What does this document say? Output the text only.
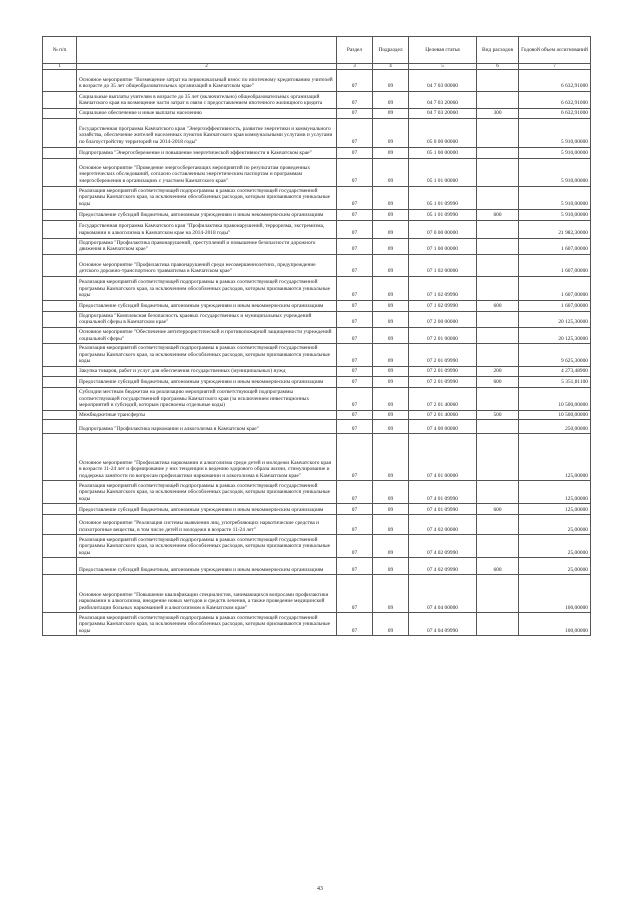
№ п/п		Раздел	Подраздел	Целевая статья	Вид расходов	Годовой объем ассигнований
1	2	3	4	5	6	7
	Основное мероприятие "Возмещение затрат на первоначальный взнос по ипотечному кредитованию учителей в возрасте до 35 лет общеобразовательных организаций в Камчатском крае"	07	09	04 7 03 00000		6 632,91000
	Социальные выплаты учителям в возрасте до 35 лет (включительно) общеобразовательных организаций Камчатского края на возмещение части затрат в связи с предоставлением ипотечного жилищного кредита	07	09	04 7 03 20060		6 632,91000
	Социальное обеспечение и иные выплаты населению	07	09	04 7 03 20060	300	6 632,91000
	Государственная программа Камчатского края "Энергоэффективность, развитие энергетики и коммунального хозяйства, обеспечение жителей населенных пунктов Камчатского края коммунальными услугами и услугами по благоустройству территорий на 2014-2018 годы"	07	09	05 0 00 00000		5 910,00000
	Подпрограмма "Энергосбережение и повышение энергетической эффективности в Камчатском крае"	07	09	05 1 00 00000		5 910,00000
	Основное мероприятие "Проведение энергосберегающих мероприятий по результатам проведенных энергетических обследований, согласно составленным энергетическим паспортам и программам энергосбережения в организациях с участием Камчатского края"	07	09	05 1 01 00000		5 910,00000
	Реализация мероприятий соответствующей подпрограммы в рамках соответствующей государственной программы Камчатского края, за исключением обособленных расходов, которым присваиваются уникальные коды	07	09	05 1 01 09990		5 910,00000
	Предоставление субсидий бюджетным, автономным учреждениям и иным некоммерческим организациям	07	09	05 1 01 09990	600	5 910,00000
	Государственная программа Камчатского края "Профилактика правонарушений, терроризма, экстремизма, наркомании и алкоголизма в Камчатском крае на 2014-2018 годы"	07	09	07 0 00 00000		21 982,30000
	Подпрограмма "Профилактика правонарушений, преступлений и повышение безопасности дорожного движения в Камчатском крае"	07	09	07 1 00 00000		1 607,00000
	Основное мероприятие "Профилактика правонарушений среди несовершеннолетних, предупреждение детского дорожно-транспортного травматизма в Камчатском крае"	07	09	07 1 02 00000		1 607,00000
	Реализация мероприятий соответствующей подпрограммы в рамках соответствующей государственной программы Камчатского края, за исключением обособленных расходов, которым присваиваются уникальные коды	07	09	07 1 02 09990		1 607,00000
	Предоставление субсидий бюджетным, автономным учреждениям и иным некоммерческим организациям	07	09	07 1 02 09990	600	1 607,00000
	Подпрограмма "Комплексная безопасность краевых государственных и муниципальных учреждений социальной сферы в Камчатском крае"	07	09	07 2 00 00000		20 125,30000
	Основное мероприятие "Обеспечение антитеррористической и противопожарной защищенности учреждений социальной сферы"	07	09	07 2 01 00000		20 125,30000
	Реализация мероприятий соответствующей подпрограммы в рамках соответствующей государственной программы Камчатского края, за исключением обособленных расходов, которым присваиваются уникальные коды	07	09	07 2 01 09990		9 625,30000
	Закупка товаров, работ и услуг для обеспечения государственных (муниципальных) нужд	07	09	07 2 01 09990	200	4 273,48900
	Предоставление субсидий бюджетным, автономным учреждениям и иным некоммерческим организациям	07	09	07 2 01 09990	600	5 351,81100
	Субсидии местным бюджетам на реализацию мероприятий соответствующей подпрограммы соответствующей государственной программы Камчатского края (за исключением инвестиционных мероприятий и субсидий, которым присвоены отдельные коды)	07	09	07 2 01 40060		10 500,00000
	Межбюджетные трансферты	07	09	07 2 01 40060	500	10 500,00000
	Подпрограмма "Профилактика наркомании и алкоголизма в Камчатском крае"	07	09	07 4 00 00000		250,00000
	Основное мероприятие "Профилактика наркомании и алкоголизма среди детей и молодежи Камчатского края в возрасте 11-24 лет и формирование у них тенденции к ведению здорового образа жизни, стимулирование и поддержка занятости по вопросам профилактики наркомании и алкоголизма в Камчатском крае"	07	09	07 4 01 00000		125,00000
	Реализация мероприятий соответствующей подпрограммы в рамках соответствующей государственной программы Камчатского края, за исключением обособленных расходов, которым присваиваются уникальные коды	07	09	07 4 01 09990		125,00000
	Предоставление субсидий бюджетным, автономным учреждениям и иным некоммерческим организациям	07	09	07 4 01 09990	600	125,00000
	Основное мероприятие "Реализация системы выявления лиц, употребляющих наркотические средства и психотропные вещества, в том числе детей и молодежи в возрасте 11-24 лет"	07	09	07 4 02 00000		25,00000
	Реализация мероприятий соответствующей подпрограммы в рамках соответствующей государственной программы Камчатского края, за исключением обособленных расходов, которым присваиваются уникальные коды	07	09	07 4 02 09990		25,00000
	Предоставление субсидий бюджетным, автономным учреждениям и иным некоммерческим организациям	07	09	07 4 02 09990	600	25,00000
	Основное мероприятие "Повышение квалификации специалистов, занимающихся вопросами профилактики наркомании и алкоголизма, внедрение новых методов и средств лечения, а также проведение медицинской реабилитации больных наркоманией и алкоголизмом в Камчатском крае"	07	09	07 4 04 00000		100,00000
	Реализация мероприятий соответствующей подпрограммы в рамках соответствующей государственной программы Камчатского края, за исключением обособленных расходов, которым присваиваются уникальные коды	07	09	07 4 04 09990		100,00000
43
